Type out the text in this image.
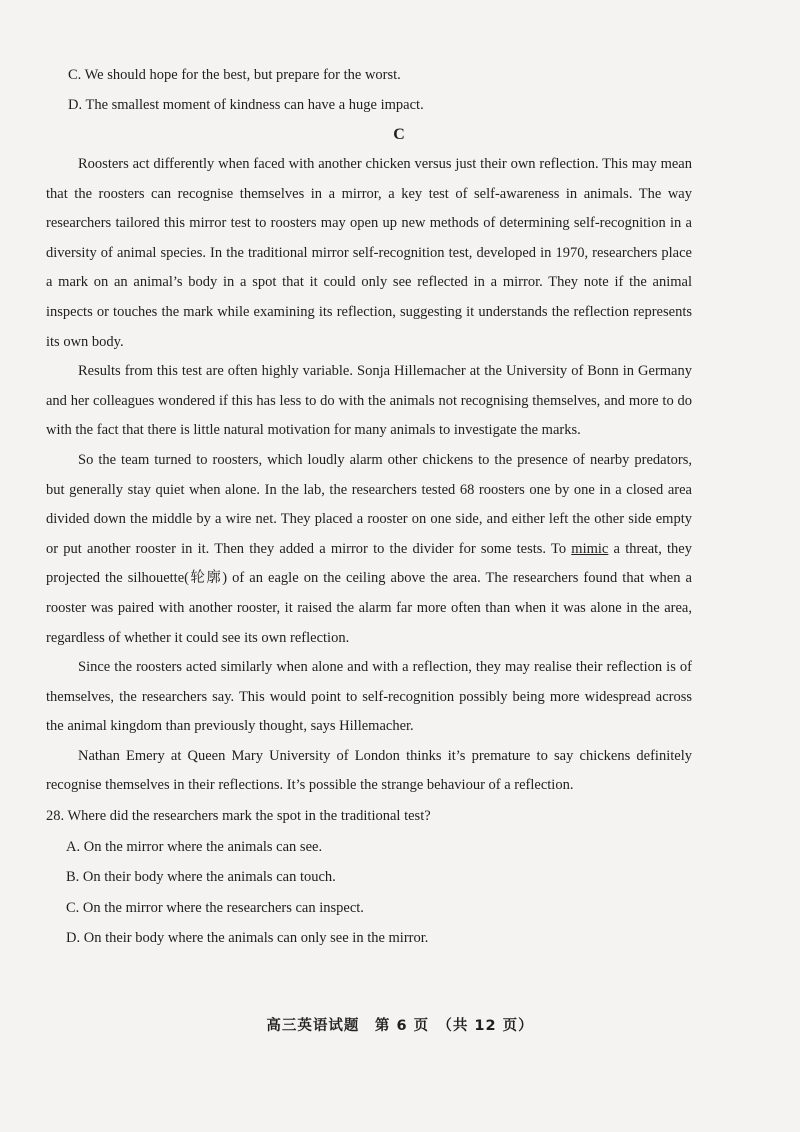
C. We should hope for the best, but prepare for the worst.

D. The smallest moment of kindness can have a huge impact.

C

Roosters act differently when faced with another chicken versus just their own reflection. This may mean that the roosters can recognise themselves in a mirror, a key test of self-awareness in animals. The way researchers tailored this mirror test to roosters may open up new methods of determining self-recognition in a diversity of animal species. In the traditional mirror self-recognition test, developed in 1970, researchers place a mark on an animal’s body in a spot that it could only see reflected in a mirror. They note if the animal inspects or touches the mark while examining its reflection, suggesting it understands the reflection represents its own body.

Results from this test are often highly variable. Sonja Hillemacher at the University of Bonn in Germany and her colleagues wondered if this has less to do with the animals not recognising themselves, and more to do with the fact that there is little natural motivation for many animals to investigate the marks.

So the team turned to roosters, which loudly alarm other chickens to the presence of nearby predators, but generally stay quiet when alone. In the lab, the researchers tested 68 roosters one by one in a closed area divided down the middle by a wire net. They placed a rooster on one side, and either left the other side empty or put another rooster in it. Then they added a mirror to the divider for some tests. To mimic a threat, they projected the silhouette(轮廓) of an eagle on the ceiling above the area. The researchers found that when a rooster was paired with another rooster, it raised the alarm far more often than when it was alone in the area, regardless of whether it could see its own reflection.

Since the roosters acted similarly when alone and with a reflection, they may realise their reflection is of themselves, the researchers say. This would point to self-recognition possibly being more widespread across the animal kingdom than previously thought, says Hillemacher.

Nathan Emery at Queen Mary University of London thinks it’s premature to say chickens definitely recognise themselves in their reflections. It’s possible the strange behaviour of a reflection.

28. Where did the researchers mark the spot in the traditional test?

A. On the mirror where the animals can see.

B. On their body where the animals can touch.

C. On the mirror where the researchers can inspect.

D. On their body where the animals can only see in the mirror.

高三英语试题　第 6 页　（共 12 页）
